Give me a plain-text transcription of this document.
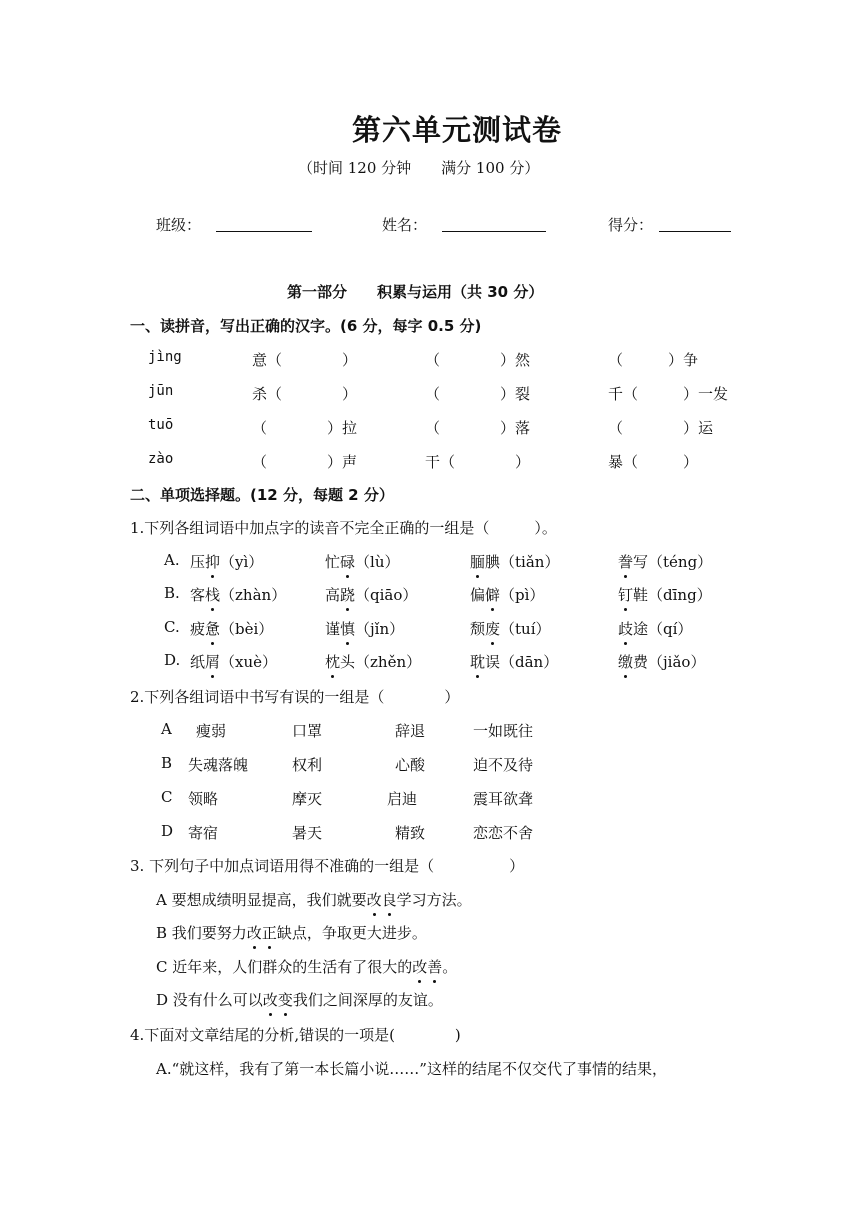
第六单元测试卷
（时间 120 分钟　　满分 100 分）
班级：	姓名：	得分：
第一部分　　积累与运用（共 30 分）
一、读拼音，写出正确的汉字。(6 分，每字 0.5 分)
jìng	意（　　　　）	（　　　　）然	（　　　）争
jūn	杀（　　　　）	（　　　　）裂	千（　　　）一发
tuō	（　　　　）拉	（　　　　）落	（　　　　）运
zào	（　　　　）声	干（　　　　）	暴（　　　）
二、单项选择题。(12 分，每题 2 分）
1.下列各组词语中加点字的读音不完全正确的一组是（　　　）。
A. 压抑（yì）	忙碌（lù）	腼腆（tiǎn）	誊写（téng）
B. 客栈（zhàn）	高跷（qiāo）	偏僻（pì）	钉鞋（dīng）
C. 疲惫（bèi）	谨慎（jǐn）	颓废（tuí）	歧途（qí）
D. 纸屑（xuè）	枕头（zhěn）	耽误（dān）	缴费（jiǎo）
2.下列各组词语中书写有误的一组是（　　　　）
A 瘦弱	口罩	辞退	一如既往
B 失魂落魄	权利	心酸	迫不及待
C 领略	摩灭	启迪	震耳欲聋
D 寄宿	暑天	精致	恋恋不舍
3. 下列句子中加点词语用得不准确的一组是（　　　　　）
A 要想成绩明显提高，我们就要改良学习方法。
B 我们要努力改正缺点，争取更大进步。
C 近年来，人们群众的生活有了很大的改善。
D 没有什么可以改变我们之间深厚的友谊。
4.下面对文章结尾的分析,错误的一项是(　　　　)
A.“就这样，我有了第一本长篇小说……”这样的结尾不仅交代了事情的结果，
